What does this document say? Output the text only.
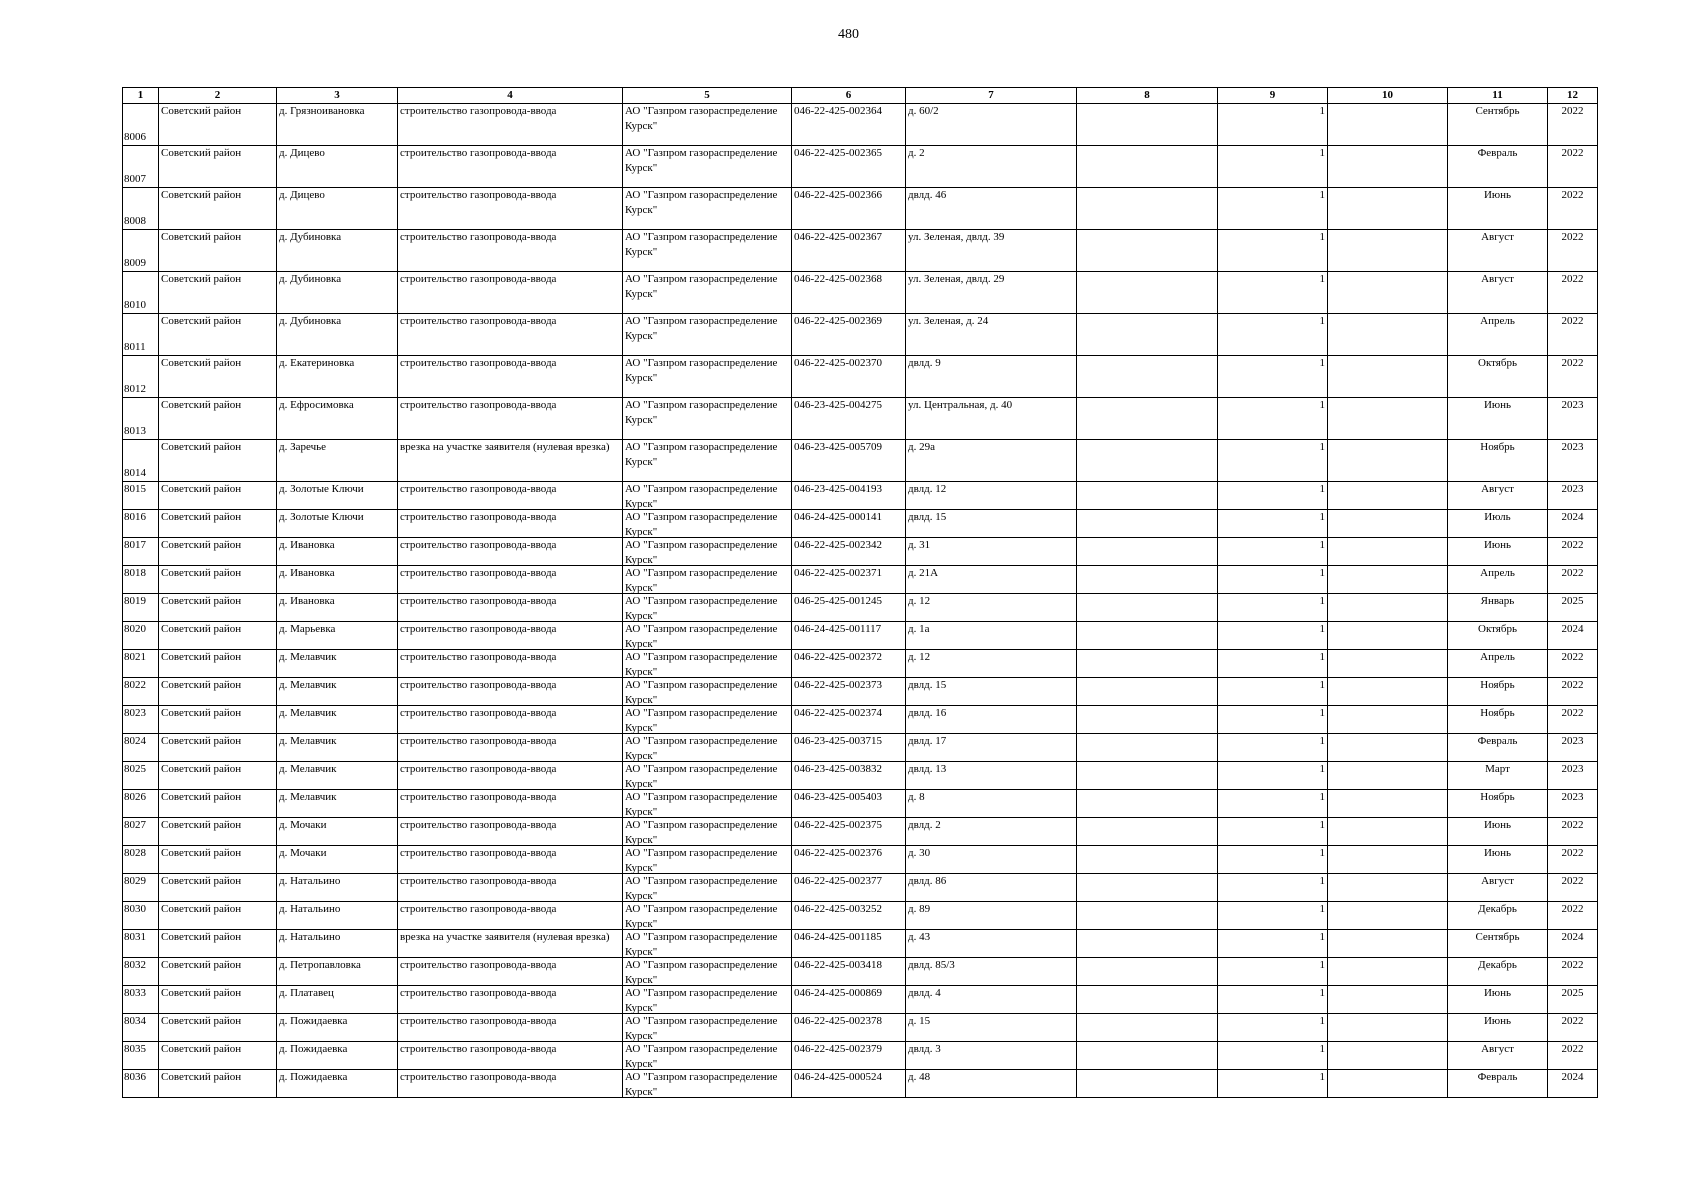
480
1	2	3	4	5	6	7	8	9	10	11	12

8006	Советский район	д. Грязноивановка	строительство газопровода-ввода	АО "Газпром газораспределение Курск"	046-22-425-002364	д. 60/2		1		Сентябрь	2022

8007	Советский район	д. Дицево	строительство газопровода-ввода	АО "Газпром газораспределение Курск"	046-22-425-002365	д. 2		1		Февраль	2022

8008	Советский район	д. Дицево	строительство газопровода-ввода	АО "Газпром газораспределение Курск"	046-22-425-002366	двлд. 46		1		Июнь	2022

8009	Советский район	д. Дубиновка	строительство газопровода-ввода	АО "Газпром газораспределение Курск"	046-22-425-002367	ул. Зеленая, двлд. 39		1		Август	2022

8010	Советский район	д. Дубиновка	строительство газопровода-ввода	АО "Газпром газораспределение Курск"	046-22-425-002368	ул. Зеленая, двлд. 29		1		Август	2022

8011	Советский район	д. Дубиновка	строительство газопровода-ввода	АО "Газпром газораспределение Курск"	046-22-425-002369	ул. Зеленая, д. 24		1		Апрель	2022

8012	Советский район	д. Екатериновка	строительство газопровода-ввода	АО "Газпром газораспределение Курск"	046-22-425-002370	двлд. 9		1		Октябрь	2022

8013	Советский район	д. Ефросимовка	строительство газопровода-ввода	АО "Газпром газораспределение Курск"	046-23-425-004275	ул. Центральная, д. 40		1		Июнь	2023

8014	Советский район	д. Заречье	врезка на участке заявителя (нулевая врезка)	АО "Газпром газораспределение Курск"	046-23-425-005709	д. 29а		1		Ноябрь	2023

8015	Советский район	д. Золотые Ключи	строительство газопровода-ввода	АО "Газпром газораспределение Курск"	046-23-425-004193	двлд. 12		1		Август	2023

8016	Советский район	д. Золотые Ключи	строительство газопровода-ввода	АО "Газпром газораспределение Курск"	046-24-425-000141	двлд. 15		1		Июль	2024

8017	Советский район	д. Ивановка	строительство газопровода-ввода	АО "Газпром газораспределение Курск"	046-22-425-002342	д. 31		1		Июнь	2022

8018	Советский район	д. Ивановка	строительство газопровода-ввода	АО "Газпром газораспределение Курск"	046-22-425-002371	д. 21А		1		Апрель	2022

8019	Советский район	д. Ивановка	строительство газопровода-ввода	АО "Газпром газораспределение Курск"	046-25-425-001245	д. 12		1		Январь	2025

8020	Советский район	д. Марьевка	строительство газопровода-ввода	АО "Газпром газораспределение Курск"	046-24-425-001117	д. 1а		1		Октябрь	2024

8021	Советский район	д. Мелавчик	строительство газопровода-ввода	АО "Газпром газораспределение Курск"	046-22-425-002372	д. 12		1		Апрель	2022

8022	Советский район	д. Мелавчик	строительство газопровода-ввода	АО "Газпром газораспределение Курск"	046-22-425-002373	двлд. 15		1		Ноябрь	2022

8023	Советский район	д. Мелавчик	строительство газопровода-ввода	АО "Газпром газораспределение Курск"	046-22-425-002374	двлд. 16		1		Ноябрь	2022

8024	Советский район	д. Мелавчик	строительство газопровода-ввода	АО "Газпром газораспределение Курск"	046-23-425-003715	двлд. 17		1		Февраль	2023

8025	Советский район	д. Мелавчик	строительство газопровода-ввода	АО "Газпром газораспределение Курск"	046-23-425-003832	двлд. 13		1		Март	2023

8026	Советский район	д. Мелавчик	строительство газопровода-ввода	АО "Газпром газораспределение Курск"	046-23-425-005403	д. 8		1		Ноябрь	2023

8027	Советский район	д. Мочаки	строительство газопровода-ввода	АО "Газпром газораспределение Курск"	046-22-425-002375	двлд. 2		1		Июнь	2022

8028	Советский район	д. Мочаки	строительство газопровода-ввода	АО "Газпром газораспределение Курск"	046-22-425-002376	д. 30		1		Июнь	2022

8029	Советский район	д. Натальино	строительство газопровода-ввода	АО "Газпром газораспределение Курск"	046-22-425-002377	двлд. 86		1		Август	2022

8030	Советский район	д. Натальино	строительство газопровода-ввода	АО "Газпром газораспределение Курск"	046-22-425-003252	д. 89		1		Декабрь	2022

8031	Советский район	д. Натальино	врезка на участке заявителя (нулевая врезка)	АО "Газпром газораспределение Курск"	046-24-425-001185	д. 43		1		Сентябрь	2024

8032	Советский район	д. Петропавловка	строительство газопровода-ввода	АО "Газпром газораспределение Курск"	046-22-425-003418	двлд. 85/3		1		Декабрь	2022

8033	Советский район	д. Платавец	строительство газопровода-ввода	АО "Газпром газораспределение Курск"	046-24-425-000869	двлд. 4		1		Июнь	2025

8034	Советский район	д. Пожидаевка	строительство газопровода-ввода	АО "Газпром газораспределение Курск"	046-22-425-002378	д. 15		1		Июнь	2022

8035	Советский район	д. Пожидаевка	строительство газопровода-ввода	АО "Газпром газораспределение Курск"	046-22-425-002379	двлд. 3		1		Август	2022

8036	Советский район	д. Пожидаевка	строительство газопровода-ввода	АО "Газпром газораспределение Курск"	046-24-425-000524	д. 48		1		Февраль	2024
